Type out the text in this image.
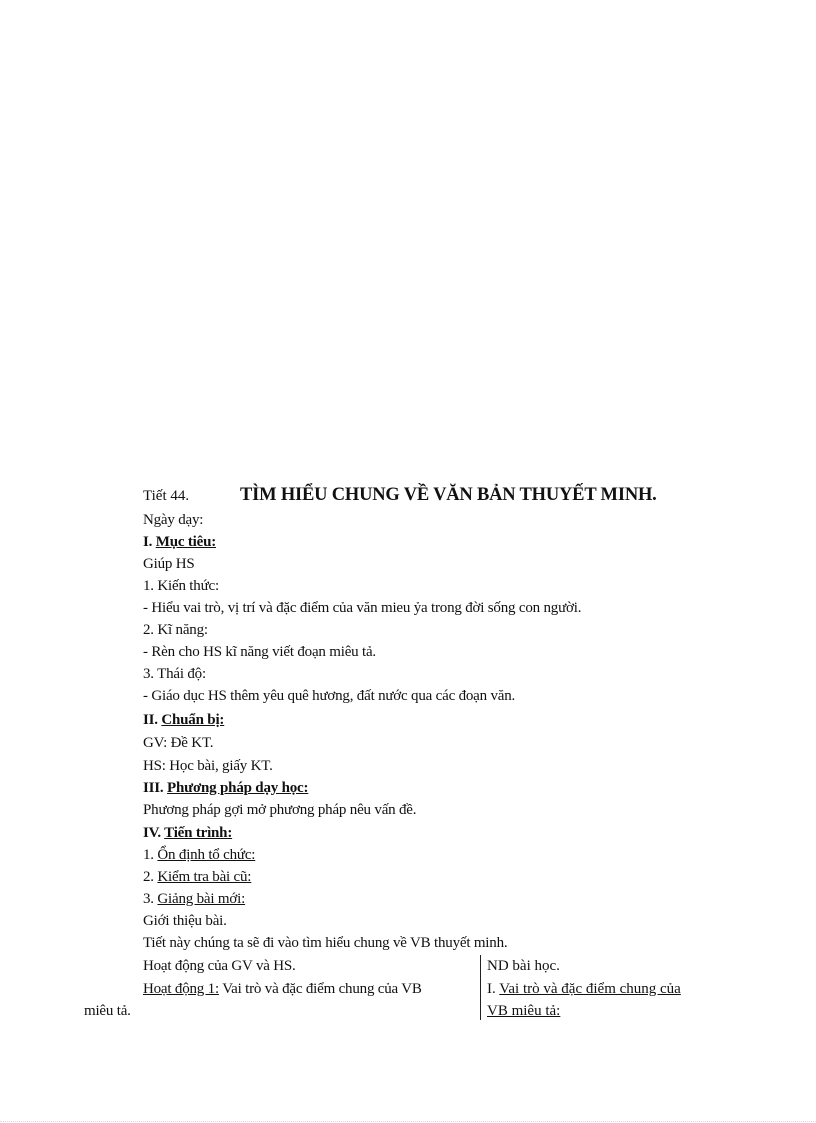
Tiết 44.	TÌM HIỂU CHUNG VỀ VĂN BẢN THUYẾT MINH.
Ngày dạy:
I. Mục tiêu:
Giúp HS
1. Kiến thức:
- Hiểu vai trò, vị trí và đặc điểm của văn mieu ỷa trong đời sống con người.
2. Kĩ năng:
- Rèn cho HS kĩ năng viết đoạn miêu tả.
3. Thái độ:
- Giáo dục HS thêm yêu quê hương, đất nước qua các đoạn văn.
II. Chuẩn bị:
GV: Đề KT.
HS: Học bài, giấy KT.
III. Phương pháp dạy học:
Phương pháp gợi mở phương pháp nêu vấn đề.
IV. Tiến trình:
1. Ổn định tổ chức:
2. Kiểm tra bài cũ:
3. Giảng bài mới:
Giới thiệu bài.
Tiết này chúng ta sẽ đi vào tìm hiểu chung về VB thuyết minh.
Hoạt động của GV và HS.	ND bài học.
Hoạt động 1: Vai trò và đặc điểm chung của VB
miêu tả.
I. Vai trò và đặc điểm chung của
VB miêu tả:
